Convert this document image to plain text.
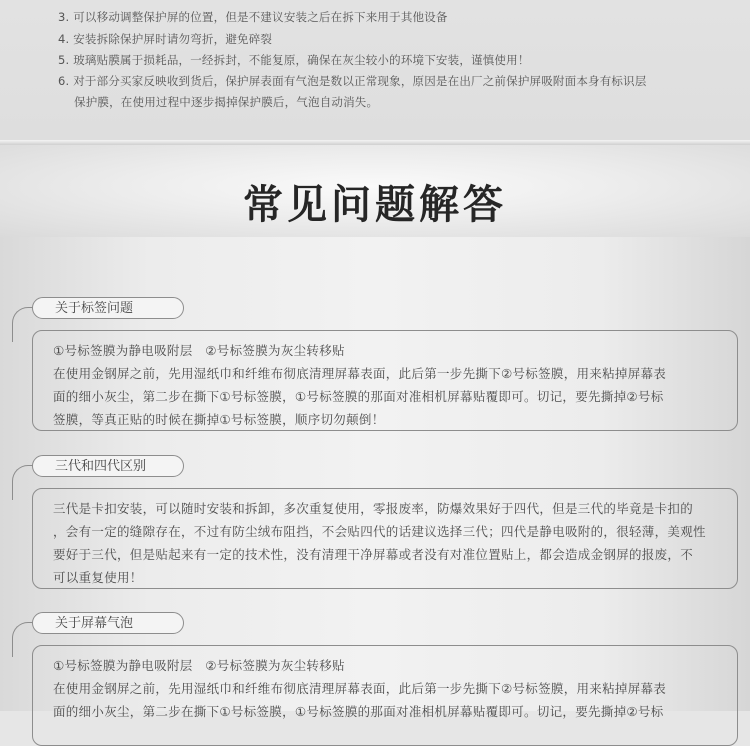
3. 可以移动调整保护屏的位置，但是不建议安装之后在拆下来用于其他设备
4. 安装拆除保护屏时请勿弯折，避免碎裂
5. 玻璃贴膜属于损耗品，一经拆封，不能复原，确保在灰尘较小的环境下安装，谨慎使用！
6. 对于部分买家反映收到货后，保护屏表面有气泡是数以正常现象，原因是在出厂之前保护屏吸附面本身有标识层
保护膜，在使用过程中逐步揭掉保护膜后，气泡自动消失。
常见问题解答
关于标签问题

①号标签膜为静电吸附层　②号标签膜为灰尘转移贴

在使用金钢屏之前，先用湿纸巾和纤维布彻底清理屏幕表面，此后第一步先撕下②号标签膜，用来粘掉屏幕表

面的细小灰尘，第二步在撕下①号标签膜，①号标签膜的那面对准相机屏幕贴覆即可。切记，要先撕掉②号标

签膜，等真正贴的时候在撕掉①号标签膜，顺序切勿颠倒！

三代和四代区别

三代是卡扣安装，可以随时安装和拆卸，多次重复使用，零报废率，防爆效果好于四代，但是三代的毕竟是卡扣的

，会有一定的缝隙存在，不过有防尘绒布阻挡，不会贴四代的话建议选择三代；四代是静电吸附的，很轻薄，美观性

要好于三代，但是贴起来有一定的技术性，没有清理干净屏幕或者没有对准位置贴上，都会造成金钢屏的报废，不

可以重复使用！

关于屏幕气泡

①号标签膜为静电吸附层　②号标签膜为灰尘转移贴

在使用金钢屏之前，先用湿纸巾和纤维布彻底清理屏幕表面，此后第一步先撕下②号标签膜，用来粘掉屏幕表

面的细小灰尘，第二步在撕下①号标签膜，①号标签膜的那面对准相机屏幕贴覆即可。切记，要先撕掉②号标
